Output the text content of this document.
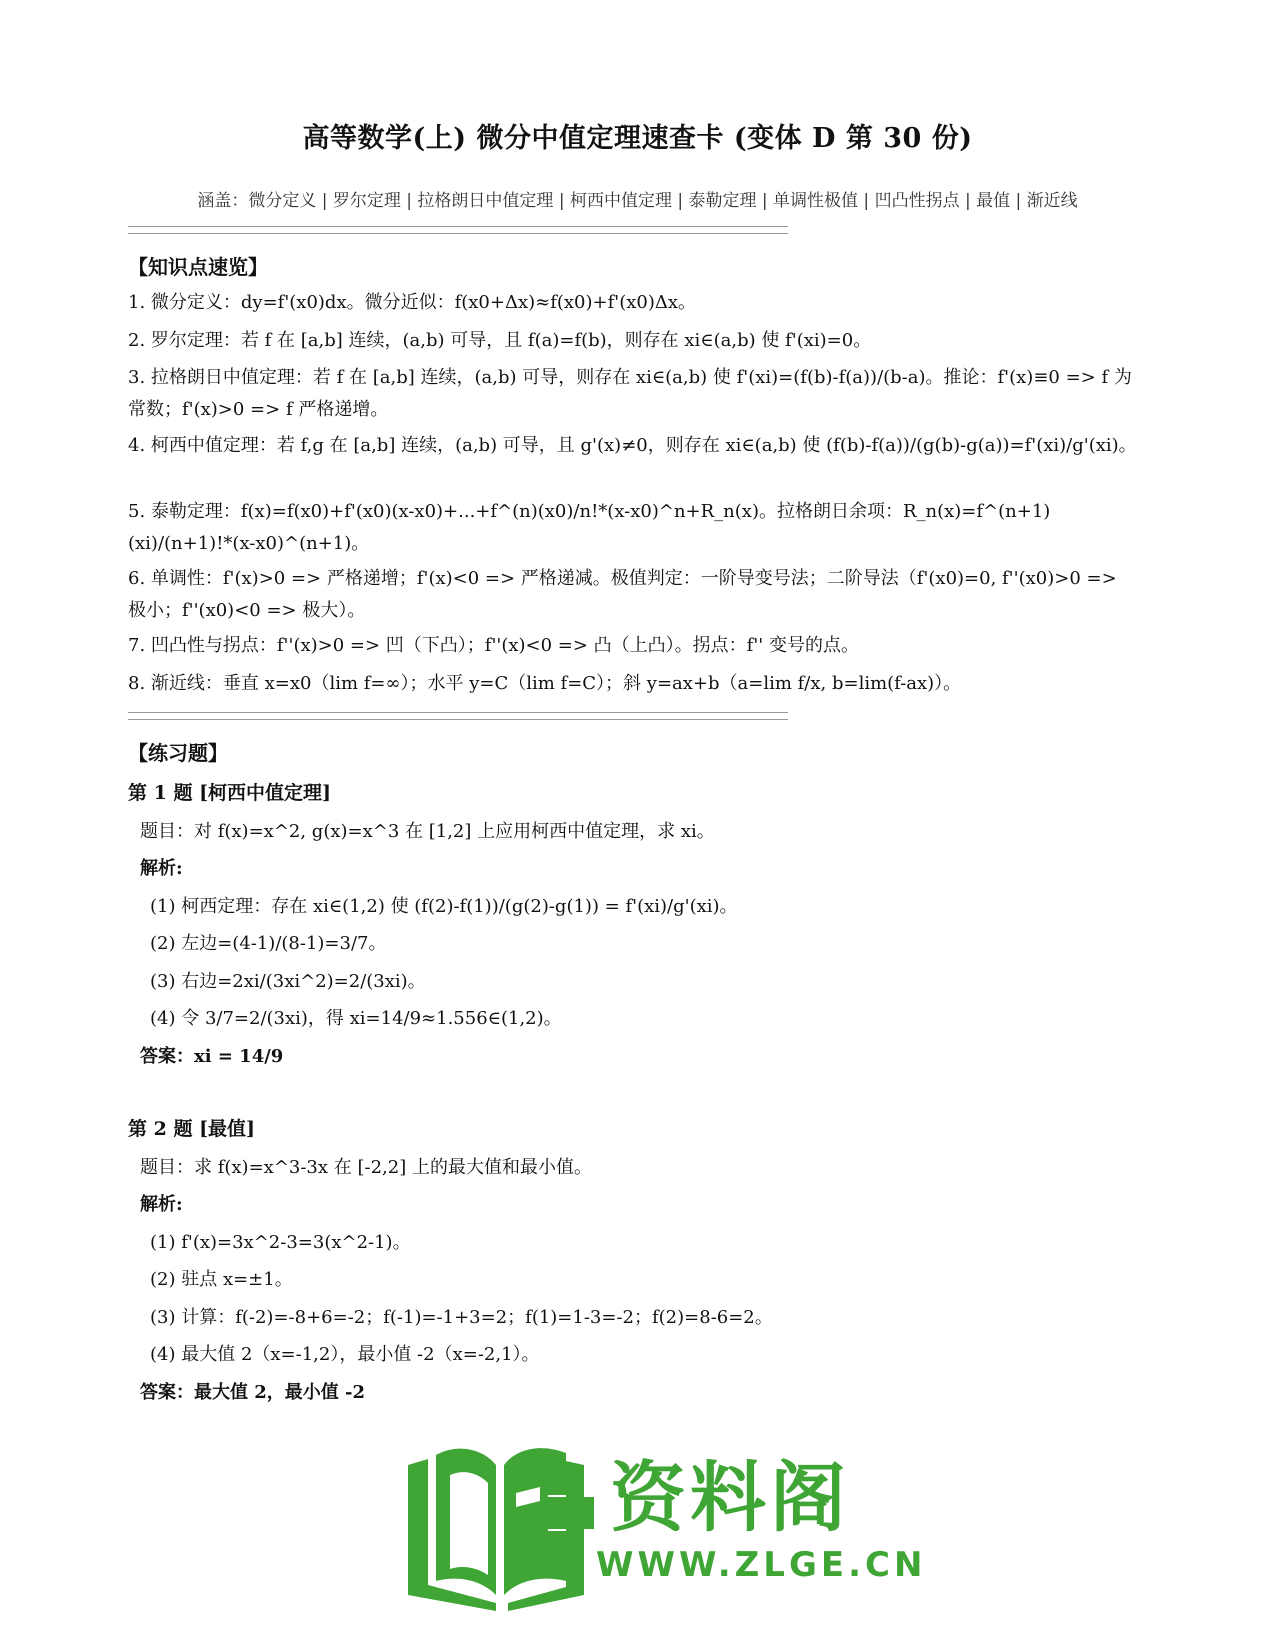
高等数学(上) 微分中值定理速查卡 (变体 D 第 30 份)
涵盖：微分定义 | 罗尔定理 | 拉格朗日中值定理 | 柯西中值定理 | 泰勒定理 | 单调性极值 | 凹凸性拐点 | 最值 | 渐近线
【知识点速览】
1. 微分定义：dy=f'(x0)dx。微分近似：f(x0+Δx)≈f(x0)+f'(x0)Δx。
2. 罗尔定理：若 f 在 [a,b] 连续，(a,b) 可导，且 f(a)=f(b)，则存在 xi∈(a,b) 使 f'(xi)=0。
3. 拉格朗日中值定理：若 f 在 [a,b] 连续，(a,b) 可导，则存在 xi∈(a,b) 使 f'(xi)=(f(b)-f(a))/(b-a)。推论：f'(x)≡0 => f 为常数；f'(x)>0 => f 严格递增。
4. 柯西中值定理：若 f,g 在 [a,b] 连续，(a,b) 可导，且 g'(x)≠0，则存在 xi∈(a,b) 使 (f(b)-f(a))/(g(b)-g(a))=f'(xi)/g'(xi)。
5. 泰勒定理：f(x)=f(x0)+f'(x0)(x-x0)+...+f^(n)(x0)/n!*(x-x0)^n+R_n(x)。拉格朗日余项：R_n(x)=f^(n+1)(xi)/(n+1)!*(x-x0)^(n+1)。
6. 单调性：f'(x)>0 => 严格递增；f'(x)<0 => 严格递减。极值判定：一阶导变号法；二阶导法（f'(x0)=0, f''(x0)>0 => 极小；f''(x0)<0 => 极大）。
7. 凹凸性与拐点：f''(x)>0 => 凹（下凸）；f''(x)<0 => 凸（上凸）。拐点：f'' 变号的点。
8. 渐近线：垂直 x=x0（lim f=∞）；水平 y=C（lim f=C）；斜 y=ax+b（a=lim f/x, b=lim(f-ax)）。
【练习题】
第 1 题 [柯西中值定理]
题目：对 f(x)=x^2, g(x)=x^3 在 [1,2] 上应用柯西中值定理，求 xi。
解析:
(1) 柯西定理：存在 xi∈(1,2) 使 (f(2)-f(1))/(g(2)-g(1)) = f'(xi)/g'(xi)。
(2) 左边=(4-1)/(8-1)=3/7。
(3) 右边=2xi/(3xi^2)=2/(3xi)。
(4) 令 3/7=2/(3xi)，得 xi=14/9≈1.556∈(1,2)。
答案：xi = 14/9
第 2 题 [最值]
题目：求 f(x)=x^3-3x 在 [-2,2] 上的最大值和最小值。
解析:
(1) f'(x)=3x^2-3=3(x^2-1)。
(2) 驻点 x=±1。
(3) 计算：f(-2)=-8+6=-2；f(-1)=-1+3=2；f(1)=1-3=-2；f(2)=8-6=2。
(4) 最大值 2（x=-1,2），最小值 -2（x=-2,1）。
答案：最大值 2，最小值 -2
资料阁
WWW.ZLGE.CN
